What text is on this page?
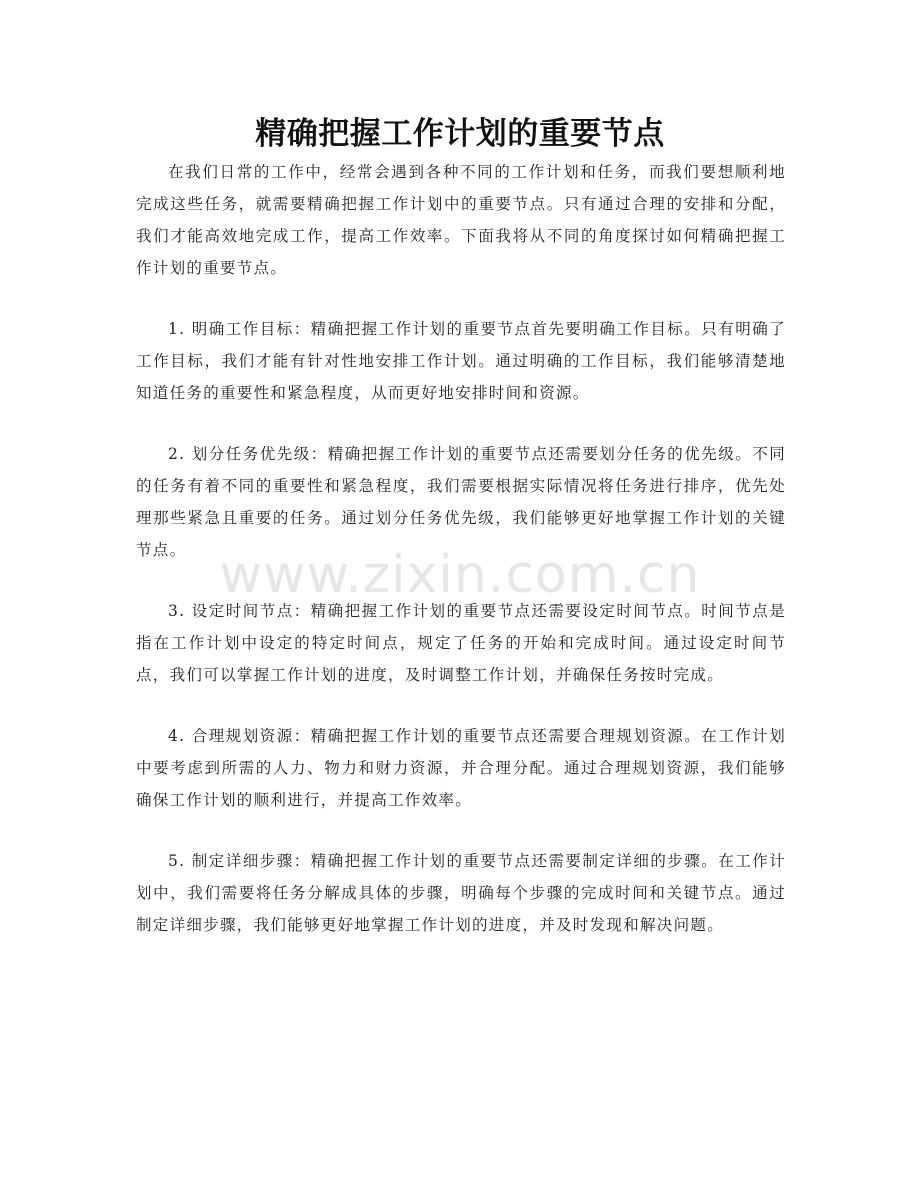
精确把握工作计划的重要节点

在我们日常的工作中，经常会遇到各种不同的工作计划和任务，而我们要想顺利地完成这些任务，就需要精确把握工作计划中的重要节点。只有通过合理的安排和分配，我们才能高效地完成工作，提高工作效率。下面我将从不同的角度探讨如何精确把握工作计划的重要节点。

1. 明确工作目标：精确把握工作计划的重要节点首先要明确工作目标。只有明确了工作目标，我们才能有针对性地安排工作计划。通过明确的工作目标，我们能够清楚地知道任务的重要性和紧急程度，从而更好地安排时间和资源。

2. 划分任务优先级：精确把握工作计划的重要节点还需要划分任务的优先级。不同的任务有着不同的重要性和紧急程度，我们需要根据实际情况将任务进行排序，优先处理那些紧急且重要的任务。通过划分任务优先级，我们能够更好地掌握工作计划的关键节点。

3. 设定时间节点：精确把握工作计划的重要节点还需要设定时间节点。时间节点是指在工作计划中设定的特定时间点，规定了任务的开始和完成时间。通过设定时间节点，我们可以掌握工作计划的进度，及时调整工作计划，并确保任务按时完成。

4. 合理规划资源：精确把握工作计划的重要节点还需要合理规划资源。在工作计划中要考虑到所需的人力、物力和财力资源，并合理分配。通过合理规划资源，我们能够确保工作计划的顺利进行，并提高工作效率。

5. 制定详细步骤：精确把握工作计划的重要节点还需要制定详细的步骤。在工作计划中，我们需要将任务分解成具体的步骤，明确每个步骤的完成时间和关键节点。通过制定详细步骤，我们能够更好地掌握工作计划的进度，并及时发现和解决问题。

www.zixin.com.cn
